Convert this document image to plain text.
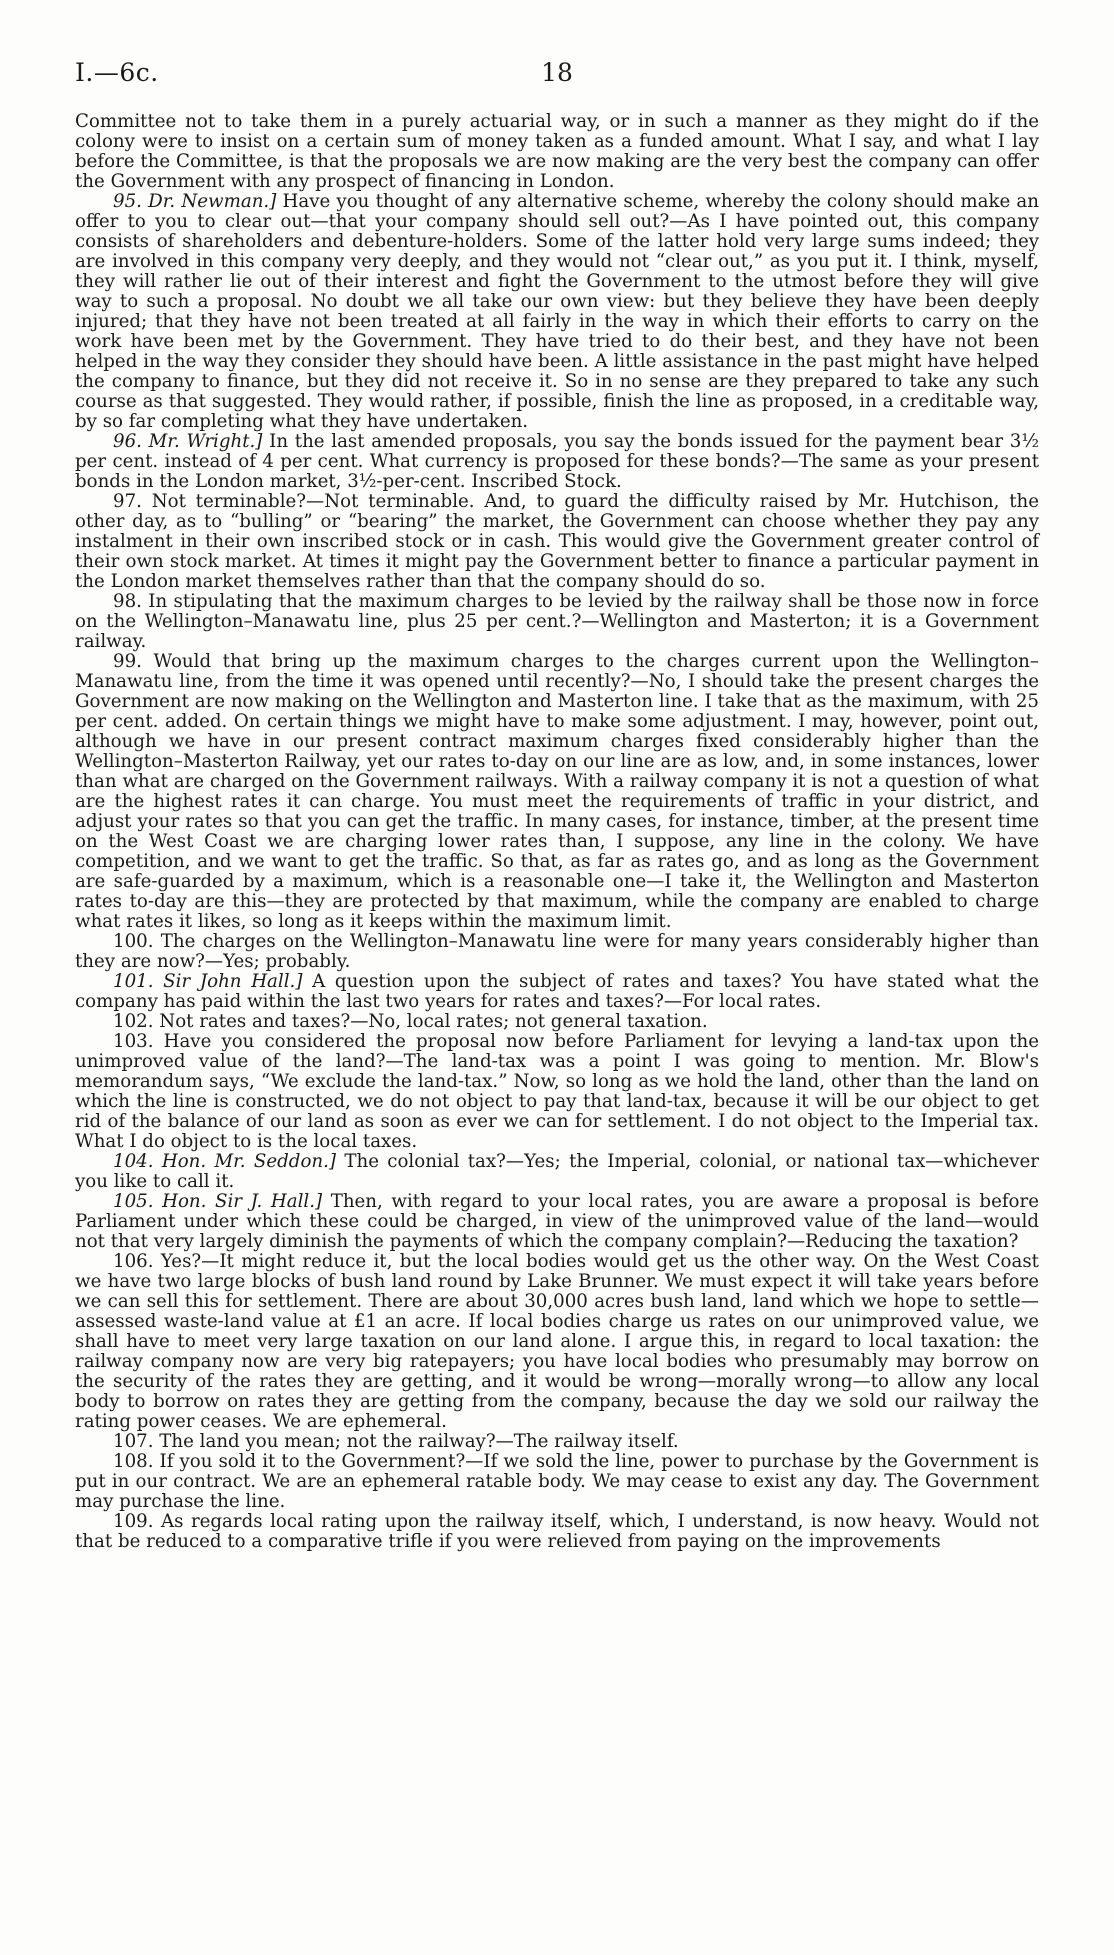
I.—6c.	18

Committee not to take them in a purely actuarial way, or in such a manner as they might do if the colony were to insist on a certain sum of money taken as a funded amount. What I say, and what I lay before the Committee, is that the proposals we are now making are the very best the company can offer the Government with any prospect of financing in London.

95. Dr. Newman.] Have you thought of any alternative scheme, whereby the colony should make an offer to you to clear out—that your company should sell out?—As I have pointed out, this company consists of shareholders and debenture-holders. Some of the latter hold very large sums indeed; they are involved in this company very deeply, and they would not “clear out,” as you put it. I think, myself, they will rather lie out of their interest and fight the Government to the utmost before they will give way to such a proposal. No doubt we all take our own view: but they believe they have been deeply injured; that they have not been treated at all fairly in the way in which their efforts to carry on the work have been met by the Government. They have tried to do their best, and they have not been helped in the way they consider they should have been. A little assistance in the past might have helped the company to finance, but they did not receive it. So in no sense are they prepared to take any such course as that suggested. They would rather, if possible, finish the line as proposed, in a creditable way, by so far completing what they have undertaken.

96. Mr. Wright.] In the last amended proposals, you say the bonds issued for the payment bear 3½ per cent. instead of 4 per cent. What currency is proposed for these bonds?—The same as your present bonds in the London market, 3½-per-cent. Inscribed Stock.

97. Not terminable?—Not terminable. And, to guard the difficulty raised by Mr. Hutchison, the other day, as to “bulling” or “bearing” the market, the Government can choose whether they pay any instalment in their own inscribed stock or in cash. This would give the Government greater control of their own stock market. At times it might pay the Government better to finance a particular payment in the London market themselves rather than that the company should do so.

98. In stipulating that the maximum charges to be levied by the railway shall be those now in force on the Wellington–Manawatu line, plus 25 per cent.?—Wellington and Masterton; it is a Government railway.

99. Would that bring up the maximum charges to the charges current upon the Wellington–Manawatu line, from the time it was opened until recently?—No, I should take the present charges the Government are now making on the Wellington and Masterton line. I take that as the maximum, with 25 per cent. added. On certain things we might have to make some adjustment. I may, however, point out, although we have in our present contract maximum charges fixed considerably higher than the Wellington–Masterton Railway, yet our rates to-day on our line are as low, and, in some instances, lower than what are charged on the Government railways. With a railway company it is not a question of what are the highest rates it can charge. You must meet the requirements of traffic in your district, and adjust your rates so that you can get the traffic. In many cases, for instance, timber, at the present time on the West Coast we are charging lower rates than, I suppose, any line in the colony. We have competition, and we want to get the traffic. So that, as far as rates go, and as long as the Government are safe-guarded by a maximum, which is a reasonable one—I take it, the Wellington and Masterton rates to-day are this—they are protected by that maximum, while the company are enabled to charge what rates it likes, so long as it keeps within the maximum limit.

100. The charges on the Wellington–Manawatu line were for many years considerably higher than they are now?—Yes; probably.

101. Sir John Hall.] A question upon the subject of rates and taxes? You have stated what the company has paid within the last two years for rates and taxes?—For local rates.

102. Not rates and taxes?—No, local rates; not general taxation.

103. Have you considered the proposal now before Parliament for levying a land-tax upon the unimproved value of the land?—The land-tax was a point I was going to mention. Mr. Blow's memorandum says, “We exclude the land-tax.” Now, so long as we hold the land, other than the land on which the line is constructed, we do not object to pay that land-tax, because it will be our object to get rid of the balance of our land as soon as ever we can for settlement. I do not object to the Imperial tax. What I do object to is the local taxes.

104. Hon. Mr. Seddon.] The colonial tax?—Yes; the Imperial, colonial, or national tax—whichever you like to call it.

105. Hon. Sir J. Hall.] Then, with regard to your local rates, you are aware a proposal is before Parliament under which these could be charged, in view of the unimproved value of the land—would not that very largely diminish the payments of which the company complain?—Reducing the taxation?

106. Yes?—It might reduce it, but the local bodies would get us the other way. On the West Coast we have two large blocks of bush land round by Lake Brunner. We must expect it will take years before we can sell this for settlement. There are about 30,000 acres bush land, land which we hope to settle—assessed waste-land value at £1 an acre. If local bodies charge us rates on our unimproved value, we shall have to meet very large taxation on our land alone. I argue this, in regard to local taxation: the railway company now are very big ratepayers; you have local bodies who presumably may borrow on the security of the rates they are getting, and it would be wrong—morally wrong—to allow any local body to borrow on rates they are getting from the company, because the day we sold our railway the rating power ceases. We are ephemeral.

107. The land you mean; not the railway?—The railway itself.

108. If you sold it to the Government?—If we sold the line, power to purchase by the Government is put in our contract. We are an ephemeral ratable body. We may cease to exist any day. The Government may purchase the line.

109. As regards local rating upon the railway itself, which, I understand, is now heavy. Would not that be reduced to a comparative trifle if you were relieved from paying on the improvements
